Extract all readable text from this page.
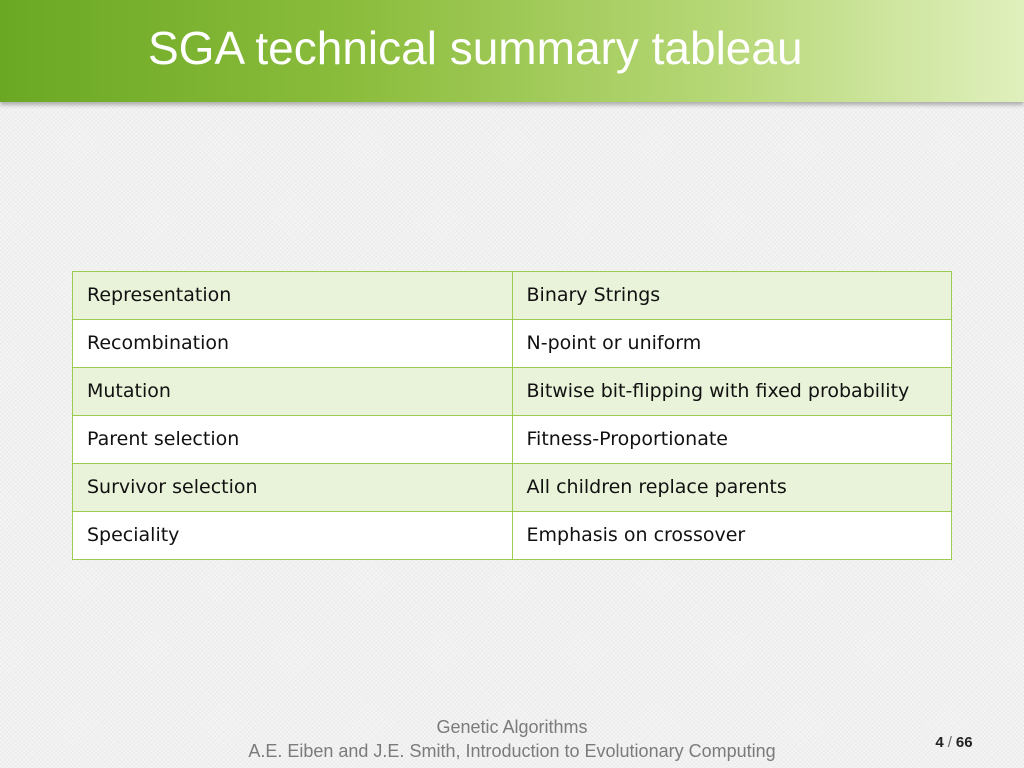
SGA technical summary tableau
Representation	Binary Strings
Recombination	N-point or uniform
Mutation	Bitwise bit-flipping with fixed probability
Parent selection	Fitness-Proportionate
Survivor selection	All children replace parents
Speciality	Emphasis on crossover
Genetic Algorithms
A.E. Eiben and J.E. Smith, Introduction to Evolutionary Computing	4 / 66
